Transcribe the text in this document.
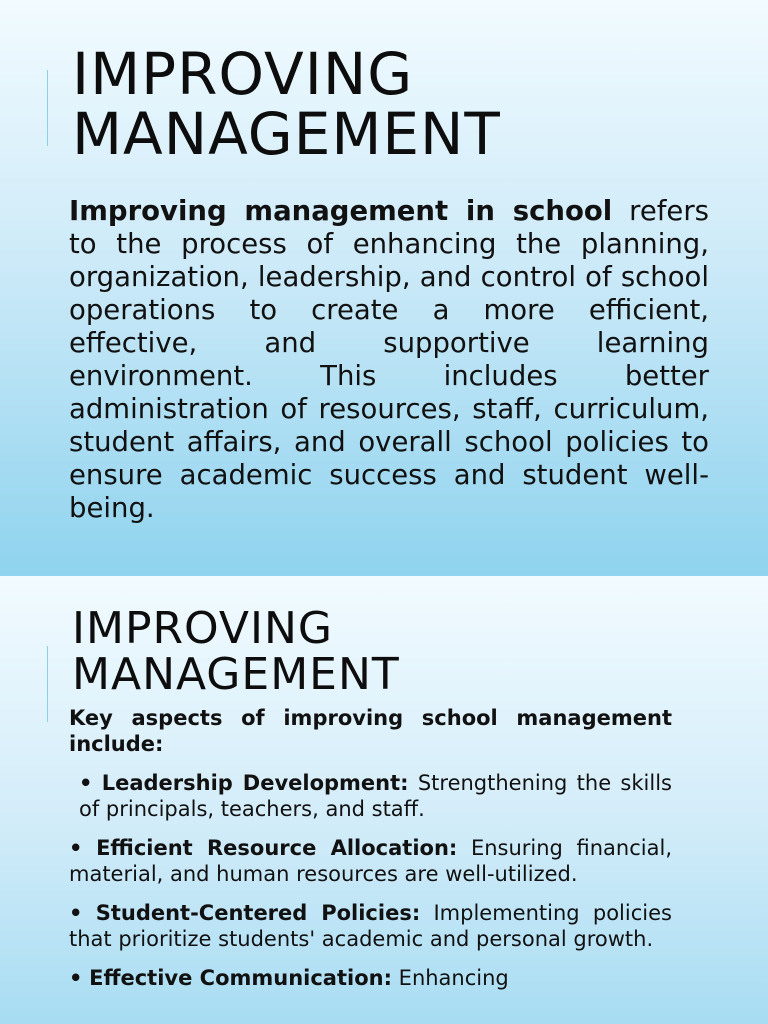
IMPROVING
MANAGEMENT

Improving management in school refers to the process of enhancing the planning, organization, leadership, and control of school operations to create a more efficient, effective, and supportive learning environment. This includes better administration of resources, staff, curriculum, student affairs, and overall school policies to ensure academic success and student well-being.

IMPROVING
MANAGEMENT

Key aspects of improving school management include:

• Leadership Development: Strengthening the skills of principals, teachers, and staff.

• Efficient Resource Allocation: Ensuring financial, material, and human resources are well-utilized.

• Student-Centered Policies: Implementing policies that prioritize students' academic and personal growth.

• Effective Communication: Enhancing
